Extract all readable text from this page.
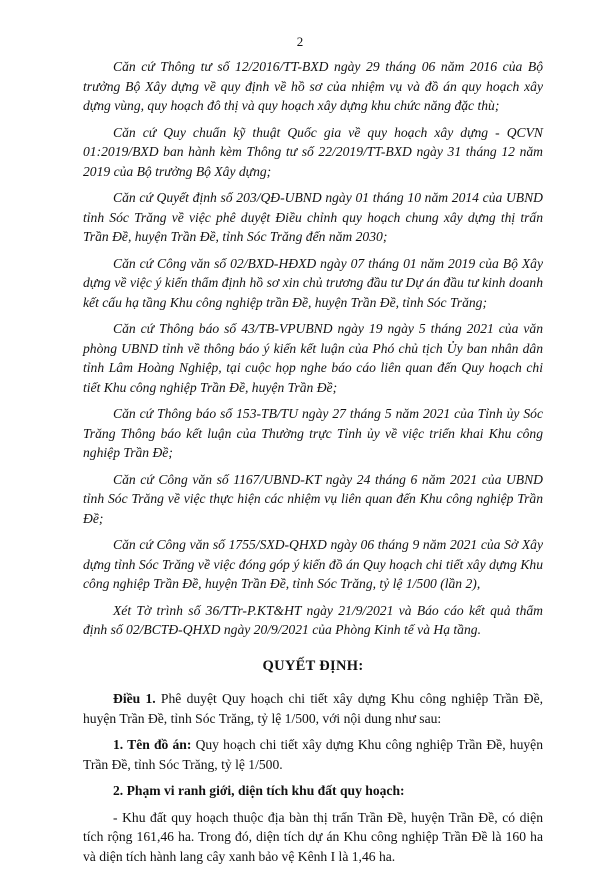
2

Căn cứ Thông tư số 12/2016/TT-BXD ngày 29 tháng 06 năm 2016 của Bộ trưởng Bộ Xây dựng về quy định về hồ sơ của nhiệm vụ và đồ án quy hoạch xây dựng vùng, quy hoạch đô thị và quy hoạch xây dựng khu chức năng đặc thù;

Căn cứ Quy chuẩn kỹ thuật Quốc gia về quy hoạch xây dựng - QCVN 01:2019/BXD ban hành kèm Thông tư số 22/2019/TT-BXD ngày 31 tháng 12 năm 2019 của Bộ trưởng Bộ Xây dựng;

Căn cứ Quyết định số 203/QĐ-UBND ngày 01 tháng 10 năm 2014 của UBND tỉnh Sóc Trăng về việc phê duyệt Điều chỉnh quy hoạch chung xây dựng thị trấn Trần Đề, huyện Trần Đề, tỉnh Sóc Trăng đến năm 2030;

Căn cứ Công văn số 02/BXD-HĐXD ngày 07 tháng 01 năm 2019 của Bộ Xây dựng về việc ý kiến thẩm định hồ sơ xin chủ trương đầu tư Dự án đầu tư kinh doanh kết cấu hạ tầng Khu công nghiệp trần Đề, huyện Trần Đề, tỉnh Sóc Trăng;

Căn cứ Thông báo số 43/TB-VPUBND ngày 19 ngày 5 tháng 2021 của văn phòng UBND tỉnh về thông báo ý kiến kết luận của Phó chủ tịch Ủy ban nhân dân tỉnh Lâm Hoàng Nghiệp, tại cuộc họp nghe báo cáo liên quan đến Quy hoạch chi tiết Khu công nghiệp Trần Đề, huyện Trần Đề;

Căn cứ Thông báo số 153-TB/TU ngày 27 tháng 5 năm 2021 của Tỉnh ủy Sóc Trăng Thông báo kết luận của Thường trực Tỉnh ủy về việc triển khai Khu công nghiệp Trần Đề;

Căn cứ Công văn số 1167/UBND-KT ngày 24 tháng 6 năm 2021 của UBND tỉnh Sóc Trăng về việc thực hiện các nhiệm vụ liên quan đến Khu công nghiệp Trần Đề;

Căn cứ Công văn số 1755/SXD-QHXD ngày 06 tháng 9 năm 2021 của Sở Xây dựng tỉnh Sóc Trăng về việc đóng góp ý kiến đồ án Quy hoạch chi tiết xây dựng Khu công nghiệp Trần Đề, huyện Trần Đề, tỉnh Sóc Trăng, tỷ lệ 1/500 (lần 2),

Xét Tờ trình số 36/TTr-P.KT&HT ngày 21/9/2021 và Báo cáo kết quả thẩm định số 02/BCTĐ-QHXD ngày 20/9/2021 của Phòng Kinh tế và Hạ tầng.

QUYẾT ĐỊNH:

Điều 1. Phê duyệt Quy hoạch chi tiết xây dựng Khu công nghiệp Trần Đề, huyện Trần Đề, tỉnh Sóc Trăng, tỷ lệ 1/500, với nội dung như sau:

1. Tên đồ án: Quy hoạch chi tiết xây dựng Khu công nghiệp Trần Đề, huyện Trần Đề, tỉnh Sóc Trăng, tỷ lệ 1/500.

2. Phạm vi ranh giới, diện tích khu đất quy hoạch:

- Khu đất quy hoạch thuộc địa bàn thị trấn Trần Đề, huyện Trần Đề, có diện tích rộng 161,46 ha. Trong đó, diện tích dự án Khu công nghiệp Trần Đề là 160 ha và diện tích hành lang cây xanh bảo vệ Kênh I là 1,46 ha.
